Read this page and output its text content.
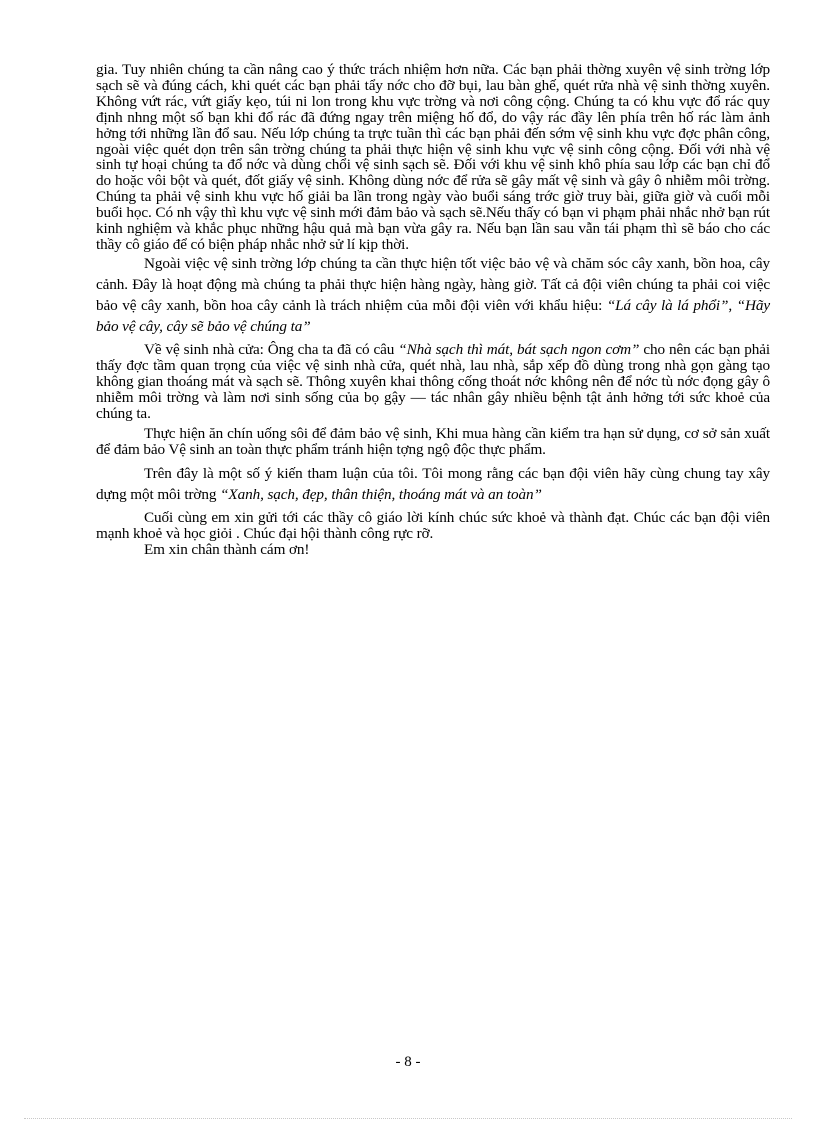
gia. Tuy nhiên chúng ta cần nâng cao ý thức trách nhiệm hơn nữa. Các bạn phải thờng xuyên vệ sinh trờng lớp sạch sẽ và đúng cách, khi quét các bạn phải tẩy nớc cho đỡ bụi, lau bàn ghế, quét rửa nhà vệ sinh thờng xuyên. Không vứt rác, vứt giấy kẹo, túi ni lon trong khu vực trờng và nơi công cộng. Chúng ta có khu vực đổ rác quy định nhng một số bạn khi đổ rác đã đứng ngay trên miệng hố đổ, do vậy rác đầy lên phía trên hố rác làm ảnh hởng tới những lần đổ sau. Nếu lớp chúng ta trực tuần thì các bạn phải đến sớm vệ sinh khu vực đợc phân công, ngoài việc quét dọn trên sân trờng chúng ta phải thực hiện vệ sinh khu vực vệ sinh công cộng. Đối với nhà vệ sinh tự hoại chúng ta đổ nớc và dùng chổi vệ sinh sạch sẽ. Đối với khu vệ sinh khô phía sau lớp các bạn chỉ đổ do hoặc vôi bột và quét, đốt giấy vệ sinh. Không dùng nớc để rửa sẽ gây mất vệ sinh và gây ô nhiễm môi trờng. Chúng ta phải vệ sinh khu vực hố giải ba lần trong ngày vào buổi sáng trớc giờ truy bài, giữa giờ và cuối mỗi buổi học. Có nh vậy thì khu vực vệ sinh mới đảm bảo và sạch sẽ.Nếu thấy có bạn vi phạm phải nhắc nhở bạn rút kinh nghiệm và khắc phục những hậu quả mà bạn vừa gây ra. Nếu bạn lần sau vẫn tái phạm thì sẽ báo cho các thầy cô giáo để có biện pháp nhắc nhở sử lí kịp thời.

Ngoài việc vệ sinh trờng lớp chúng ta cần thực hiện tốt việc bảo vệ và chăm sóc cây xanh, bồn hoa, cây cảnh. Đây là hoạt động mà chúng ta phải thực hiện hàng ngày, hàng giờ. Tất cả đội viên chúng ta phải coi việc bảo vệ cây xanh, bồn hoa cây cảnh là trách nhiệm của mỗi đội viên với khẩu hiệu: “Lá cây là lá phổi”, “Hãy bảo vệ cây, cây sẽ bảo vệ chúng ta”

Về vệ sinh nhà cửa: Ông cha ta đã có câu “Nhà sạch thì mát, bát sạch ngon cơm” cho nên các bạn phải thấy đợc tầm quan trọng của việc vệ sinh nhà cửa, quét nhà, lau nhà, sắp xếp đồ dùng trong nhà gọn gàng tạo không gian thoáng mát và sạch sẽ. Thông xuyên khai thông cống thoát nớc không nên để nớc tù nớc đọng gây ô nhiễm môi trờng và làm nơi sinh sống của bọ gậy — tác nhân gây nhiều bệnh tật ảnh hởng tới sức khoẻ của chúng ta.

Thực hiện ăn chín uống sôi để đảm bảo vệ sinh, Khi mua hàng cần kiểm tra hạn sử dụng, cơ sở sản xuất để đảm bảo Vệ sinh an toàn thực phẩm tránh hiện tợng ngộ độc thực phẩm.

Trên đây là một số ý kiến tham luận của tôi. Tôi mong rằng các bạn đội viên hãy cùng chung tay xây dựng một môi trờng “Xanh, sạch, đẹp, thân thiện, thoáng mát và an toàn”

Cuối cùng em xin gửi tới các thầy cô giáo lời kính chúc sức khoẻ và thành đạt. Chúc các bạn đội viên mạnh khoẻ và học giỏi . Chúc đại hội thành công rực rỡ.

Em xin chân thành cám ơn!

- 8 -
